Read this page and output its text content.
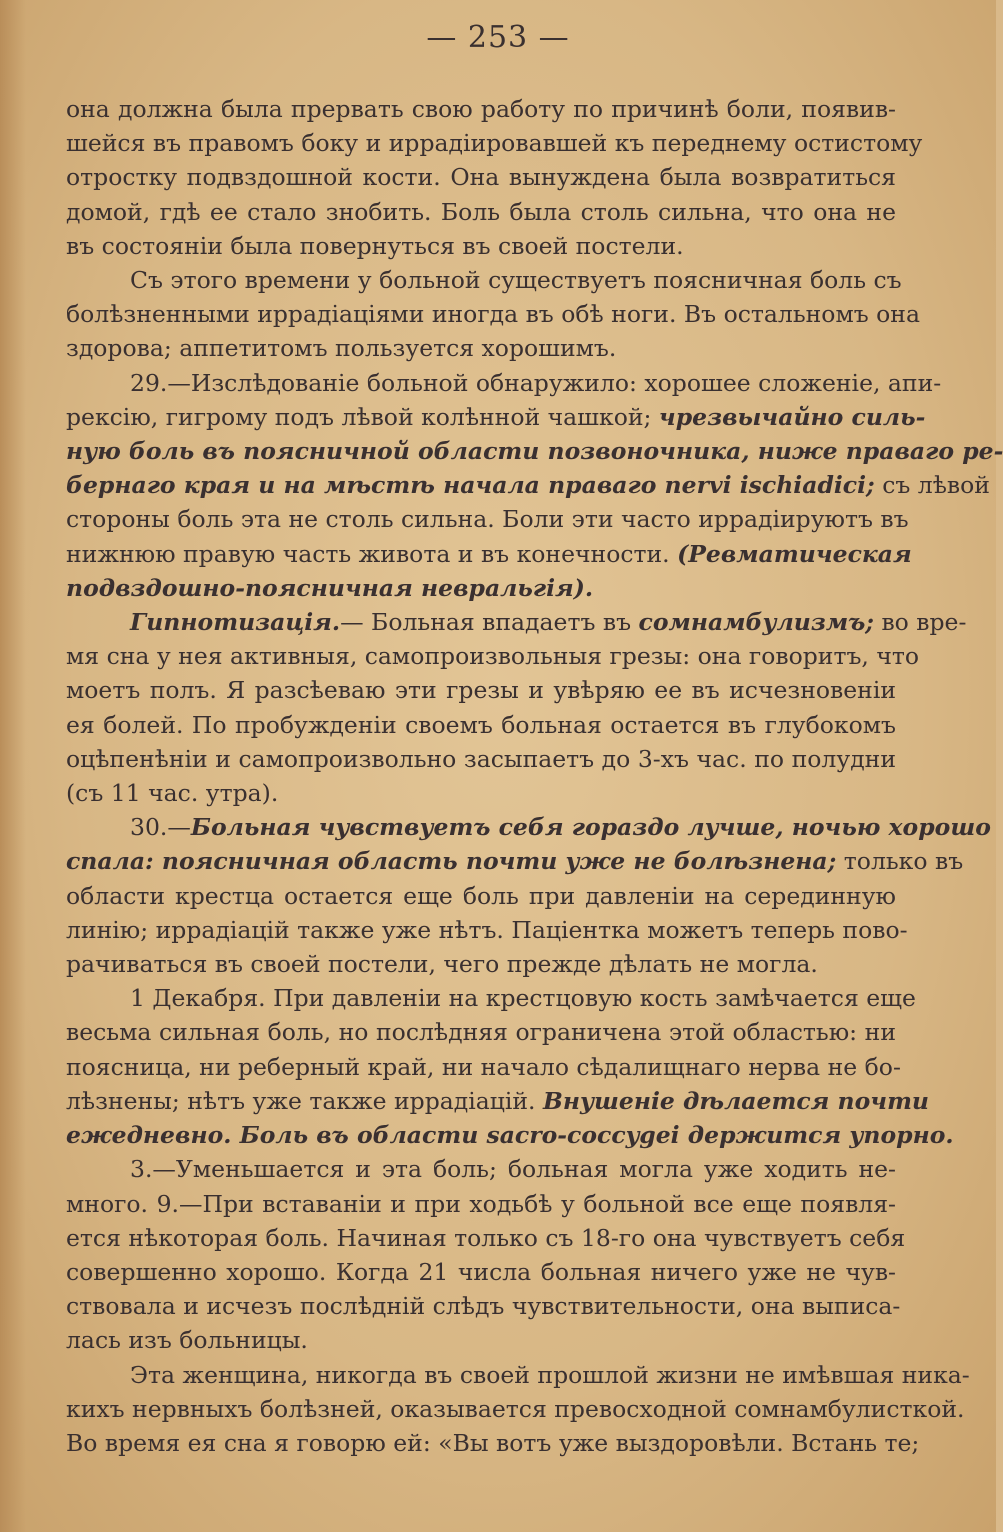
— 253 —

она должна была прервать свою работу по причинѣ боли, появив-
шейся въ правомъ боку и иррадіировавшей къ переднему остистому
отростку подвздошной кости. Она вынуждена была возвратиться
домой, гдѣ ее стало знобить. Боль была столь сильна, что она не
въ состояніи была повернуться въ своей постели.

Съ этого времени у больной существуетъ поясничная боль съ
болѣзненными иррадіаціями иногда въ обѣ ноги. Въ остальномъ она
здорова; аппетитомъ пользуется хорошимъ.

29.—Изслѣдованіе больной обнаружило: хорошее сложеніе, апи-
рексію, гигрому подъ лѣвой колѣнной чашкой; чрезвычайно силь-
ную боль въ поясничной области позвоночника, ниже праваго ре-
бернаго края и на мѣстѣ начала праваго nervi ischiadici; съ лѣвой
стороны боль эта не столь сильна. Боли эти часто иррадіируютъ въ
нижнюю правую часть живота и въ конечности. (Ревматическая
подвздошно-поясничная невральгія).

Гипнотизація.— Больная впадаетъ въ сомнамбулизмъ; во вре-
мя сна у нея активныя, самопроизвольныя грезы: она говоритъ, что
моетъ полъ. Я разсѣеваю эти грезы и увѣряю ее въ исчезновеніи
ея болей. По пробужденіи своемъ больная остается въ глубокомъ
оцѣпенѣніи и самопроизвольно засыпаетъ до 3-хъ час. по полудни
(съ 11 час. утра).

30.—Больная чувствуетъ себя гораздо лучше, ночью хорошо
спала: поясничная область почти уже не болѣзнена; только въ
области крестца остается еще боль при давленіи на серединную
линію; иррадіацій также уже нѣтъ. Паціентка можетъ теперь пово-
рачиваться въ своей постели, чего прежде дѣлать не могла.

1 Декабря. При давленіи на крестцовую кость замѣчается еще
весьма сильная боль, но послѣдняя ограничена этой областью: ни
поясница, ни реберный край, ни начало сѣдалищнаго нерва не бо-
лѣзнены; нѣтъ уже также иррадіацій. Внушеніе дѣлается почти
ежедневно. Боль въ области sacro-coccygei держится упорно.

3.—Уменьшается и эта боль; больная могла уже ходить не-
много. 9.—При вставаніи и при ходьбѣ у больной все еще появля-
ется нѣкоторая боль. Начиная только съ 18-го она чувствуетъ себя
совершенно хорошо. Когда 21 числа больная ничего уже не чув-
ствовала и исчезъ послѣдній слѣдъ чувствительности, она выписа-
лась изъ больницы.

Эта женщина, никогда въ своей прошлой жизни не имѣвшая ника-
кихъ нервныхъ болѣзней, оказывается превосходной сомнамбулисткой.
Во время ея сна я говорю ей: «Вы вотъ уже выздоровѣли. Встань те;
